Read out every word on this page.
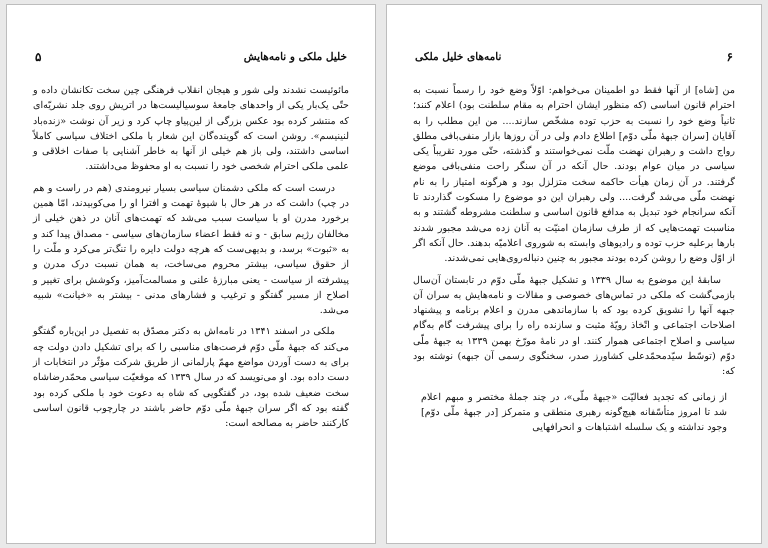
خلیل ملکی و نامه‌هایش
۵

مائوئیست نشدند ولی شور و هیجان انقلاب فرهنگی چین سخت تکانشان داده و حتّی یک‌بار یکی از واحدهای جامعهٔ سوسیالیست‌ها در اتریش روی جلد نشریّه‌ای که منتشر کرده بود عکس بزرگی از لین‌پیاو چاپ کرد و زیر آن نوشت «زنده‌باد لنینیسم». روشن است که گوینده‌گان این شعار با ملکی اختلاف سیاسی کاملاً اساسی داشتند، ولی باز هم خیلی از آنها به خاطر آشنایی با صفات اخلاقی و علمی ملکی احترام شخصی خود را نسبت به او محفوظ می‌داشتند.

درست است که ملکی دشمنان سیاسی بسیار نیرومندی (هم در راست و هم در چپ) داشت که در هر حال با شیوهٔ تهمت و افترا او را می‌کوبیدند، امّا همین برخورد مدرن او با سیاست سبب می‌شد که تهمت‌های آنان در ذهن خیلی از مخالفان رژیم سابق - و نه فقط اعضاء سازمان‌های سیاسی - مصداق پیدا کند و به «ثبوت» برسد، و بدیهی‌ست که هرچه دولت دایره را تنگ‌تر می‌کرد و ملّت را از حقوق سیاسی، بیشتر محروم می‌ساخت، به همان نسبت درک مدرن و پیشرفته از سیاست - یعنی مبارزهٔ علنی و مسالمت‌آمیز، وکوشش برای تغییر و اصلاح از مسیر گفتگو و ترغیب و فشارهای مدنی - بیشتر به «خیانت» شبیه می‌شد.

ملکی در اسفند ۱۳۴۱ در نامه‌اش به دکتر مصدّق به تفصیل در این‌باره گفتگو می‌کند که جبههٔ ملّی دوّم فرصت‌های مناسبی را که برای تشکیل دادن دولت چه برای به دست آوردن مواضع مهمّ پارلمانی از طریق شرکت مؤثّر در انتخابات از دست داده بود. او می‌نویسد که در سال ۱۳۳۹ که موقعیّت سیاسی محمّدرضاشاه سخت ضعیف شده بود، در گفتگویی که شاه به دعوت خود با ملکی کرده بود گفته بود که اگر سران جبههٔ ملّی دوّم حاضر باشند در چارچوب قانون اساسی کارکنند حاضر به مصالحه است:

۶
نامه‌های خلیل ملکی

من [شاه] از آنها فقط دو اطمینان می‌خواهم: اوّلاً وضع خود را رسماً نسبت به احترام قانون اساسی (که منظور ایشان احترام به مقام سلطنت بود) اعلام کنند؛ ثانیاً وضع خود را نسبت به حزب توده مشخّص سازند.... من این مطلب را به آقایان [سران جبههٔ ملّی دوّم] اطلاع دادم ولی در آن روزها بازار منفی‌بافی مطلق رواج داشت و رهبران نهضت ملّت نمی‌خواستند و گذشته، حتّی مورد تقریباً یکی سیاسی در میان عوام بودند. حال آنکه در آن سنگر راحت منفی‌بافی موضع گرفتند. در آن زمان هیأت حاکمه سخت متزلزل بود و هرگونه امتیاز را به نام نهضت ملّی می‌شد گرفت.... ولی رهبران این دو موضوع را مسکوت گذاردند تا آنکه سرانجام خود تبدیل به مدافع قانون اساسی و سلطنت مشروطه گشتند و به مناسبت تهمت‌هایی که از طرف سازمان امنیّت به آنان زده می‌شد مجبور شدند بارها برعلیه حزب توده و رادیوهای وابسته به شوروی اعلامیّه بدهند. حال آنکه اگر از اوّل وضع را روشن کرده بودند مجبور به چنین دنباله‌روی‌هایی نمی‌شدند.

سابقهٔ این موضوع به سال ۱۳۳۹ و تشکیل جبههٔ ملّی دوّم در تابستان آن‌سال بازمی‌گشت که ملکی در تماس‌های خصوصی و مقالات و نامه‌هایش به سران آن جبهه آنها را تشویق کرده بود که با سازماندهی مدرن و اعلام برنامه و پیشنهاد اصلاحات اجتماعی و اتّخاذ رویّهٔ مثبت و سازنده راه را برای پیشرفت گام به‌گام سیاسی و اصلاح اجتماعی هموار کنند. او در نامهٔ مورّخ بهمن ۱۳۳۹ به جبههٔ ملّی دوّم (توسّط سیّدمحمّدعلی کشاورز صدر، سخنگوی رسمی آن جبهه) نوشته بود که:

از زمانی که تجدید فعالیّت «جبههٔ ملّی»، در چند جملهٔ مختصر و مبهم اعلام شد تا امروز متأسّفانه هیچ‌گونه رهبری منطقی و متمرکز [در جبههٔ ملّی دوّم] وجود نداشته و یک سلسله اشتباهات و انحرافهایی
